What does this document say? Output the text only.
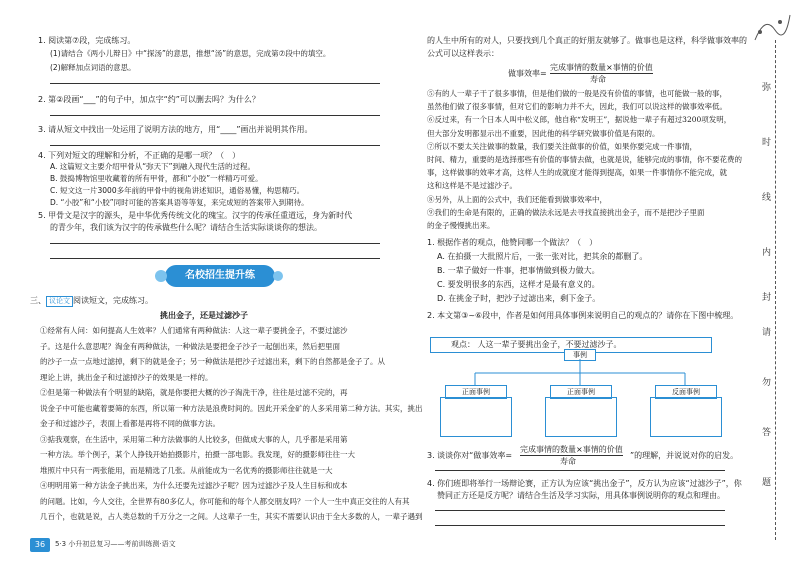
1. 阅读第⑦段，完成练习。
(1)请结合《两小儿辩日》中“探汤”的意思，推想“汤”的意思，完成第⑦段中的填空。
(2)解释加点词语的意思。
2. 第②段画“___”的句子中，加点字“约”可以删去吗？为什么？
3. 请从短文中找出一处运用了说明方法的地方，用“____”画出并说明其作用。
4. 下列对短文的理解和分析，不正确的是哪一项？（　）
A. 这篇短文主要介绍甲骨从“弥天下”到融入现代生活的过程。
B. 鼓捣博物馆里收藏着的所有甲骨，都和“小胶”一样精巧可爱。
C. 短文这一片3000多年前的甲骨中的视角讲述知识，通俗易懂，构思精巧。
D. “小胶”和“小胶”同时可能的答案具语等等复，来完成短的答案带入到期待。
5. 甲骨文是汉字的源头，是中华优秀传统文化的瑰宝。汉字的传承任重道远，身为新时代
的青少年，我们该为汉字的传承做些什么呢？请结合生活实际谈谈你的想法。
名校招生提升练
三、 议论文 阅读短文，完成练习。
挑出金子，还是过滤沙子
①经常有人问：如何提高人生效率？人们通常有两种做法：人这一辈子要挑金子，不要过滤沙
子。这是什么意思呢？淘金有两种做法，一种做法是要把金子沙子一起刨出来，然后把里面
的沙子一点一点地过滤掉，剩下的就是金子；另一种做法是把沙子过滤出来，剩下的自然都是金子了。从
理论上讲，挑出金子和过滤掉沙子的效果是一样的。
②但是第一种做法有个明显的缺陷，就是你要把大概的沙子淘洗干净，往往是过滤不完的，再
说金子中可能也藏着要筛的东西，所以第一种方法是浪费时间的。因此开采金矿的人多采用第二种方法。其实，挑出
金子和过滤沙子，表面上看都是再将不同的做事方法。
③掂我观察，在生活中，采用第二种方法做事的人比较多，但做成大事的人，几乎都是采用第
一种方法。举个例子，某个人挣钱开始拍摄影片，拍摄一部电影。我发现，好的摄影师往往一大
堆照片中只有一两张能用，而是精选了几张。从前能成为一名优秀的摄影师往往就是一大
④明明用第一种方法金子挑出来，为什么还要先过滤沙子呢？因为过滤沙子及人生目标和成本
的问题。比如，今人交往，全世界有80多亿人，你可能和的每个人都交朋友吗？一个人一生中真正交往的人有其
几百个，也就是说，占人类总数的千万分之一之间。人这辈子一生，其实不需要认识由于全大多数的人，一辈子遇到
36	5·3 小升初总复习——考前训练测·语文
的人生中所有的对人，只要找到几个真正的好朋友就够了。做事也是这样，科学做事效率的
公式可以这样表示：
做事效率=
完成事情的数量×事情的价值
寿命
⑤有的人一辈子干了很多事情，但是他们做的一般是没有价值的事情，也可能做一般的事，
虽然他们做了很多事情，但对它们的影响力并不大，因此，我们可以说这样的做事效率低。
⑥反过来，有一个日本人叫中松义郎，他自称“发明王”，据说他一辈子有超过3200项发明，
但大部分发明都显示出不重要，因此他的科学研究做事价值是有限的。
⑦所以不要太关注做事的数量，我们要关注做事的价值，如果你要完成一件事情，
时间、精力，重要的是选择那些有价值的事情去做，也就是说，能够完成的事情，你不要花费的
事，这样做事的效率才高，这样人生的成就度才能得到提高，如果一件事情你不能完成，就
这和这样是不是过滤沙子。
⑧另外，从上面的公式中，我们还能看到做事效率中，
⑨我们的生命是有限的，正确的做法永远是去寻找直接挑出金子，而不是把沙子里面
的金子慢慢挑出来。
1. 根据作者的观点，他赞同哪一个做法？（　）
A. 在拍摄一大批照片后，一张一张对比，把其余的都删了。
B. 一辈子做好一件事，把事情做到极力做大。
C. 要发明很多的东西，这样才是最有意义的。
D. 在挑金子时，把沙子过滤出来，剩下金子。
2. 本文第③~⑥段中，作者是如何用具体事例来说明自己的观点的？请你在下图中梳理。
观点： 人这一辈子要挑出金子，不要过滤沙子。
事例
正面事例	正面事例	反面事例
3. 谈谈你对“做事效率=
完成事情的数量×事情的价值
寿命
”的理解，并说说对你的启发。
4. 你们班即将举行一场辩论赛，正方认为应该“挑出金子”，反方认为应该“过滤沙子”，你
赞同正方还是反方呢？请结合生活及学习实际，用具体事例说明你的观点和理由。
弥
时
线
内
封
请
勿
答
题
